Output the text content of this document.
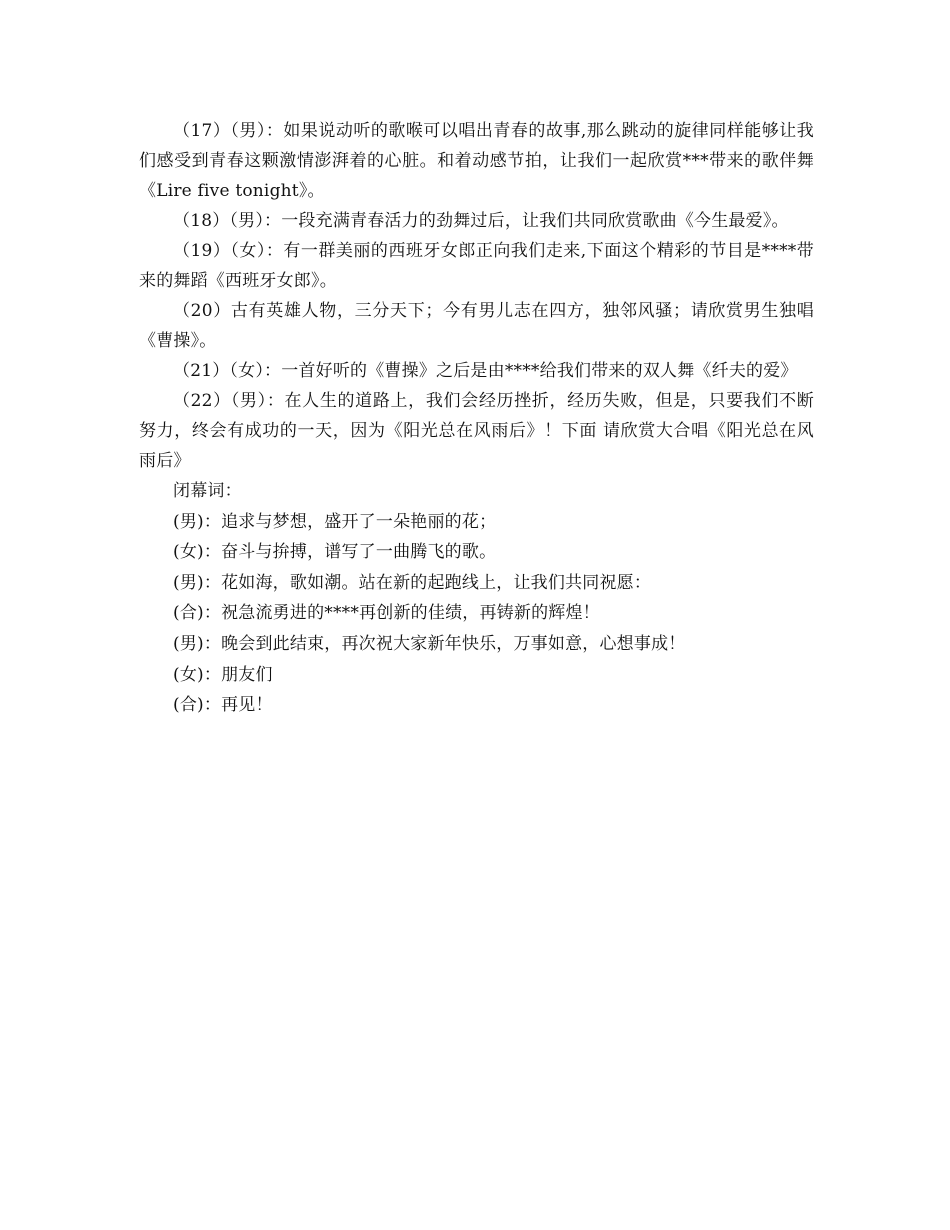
（17）（男）：如果说动听的歌喉可以唱出青春的故事,那么跳动的旋律同样能够让我们感受到青春这颗激情澎湃着的心脏。和着动感节拍，让我们一起欣赏***带来的歌伴舞《Lire five tonight》。

（18）（男）：一段充满青春活力的劲舞过后，让我们共同欣赏歌曲《今生最爱》。

（19）（女）：有一群美丽的西班牙女郎正向我们走来,下面这个精彩的节目是****带来的舞蹈《西班牙女郎》。

（20）古有英雄人物，三分天下；今有男儿志在四方，独邻风骚；请欣赏男生独唱《曹操》。

（21）（女）：一首好听的《曹操》之后是由****给我们带来的双人舞《纤夫的爱》

（22）（男）：在人生的道路上，我们会经历挫折，经历失败，但是，只要我们不断努力，终会有成功的一天，因为《阳光总在风雨后》！下面 请欣赏大合唱《阳光总在风雨后》

闭幕词：

(男)：追求与梦想，盛开了一朵艳丽的花；

(女)：奋斗与拚搏，谱写了一曲腾飞的歌。

(男)：花如海，歌如潮。站在新的起跑线上，让我们共同祝愿：

(合)：祝急流勇进的****再创新的佳绩，再铸新的辉煌！

(男)：晚会到此结束，再次祝大家新年快乐，万事如意，心想事成！

(女)：朋友们

(合)：再见！
